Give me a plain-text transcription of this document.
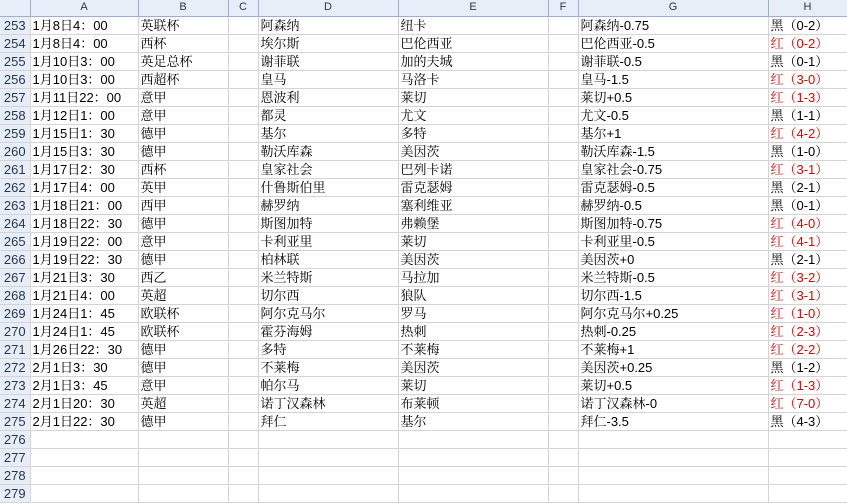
	A	B	C	D	E	F	G	H
253	1月8日4：00	英联杯		阿森纳	纽卡		阿森纳-0.75	黑（0-2）
254	1月8日4：00	西杯		埃尔斯	巴伦西亚		巴伦西亚-0.5	红（0-2）
255	1月10日3：00	英足总杯		谢菲联	加的夫城		谢菲联-0.5	黑（0-1）
256	1月10日3：00	西超杯		皇马	马洛卡		皇马-1.5	红（3-0）
257	1月11日22：00	意甲		恩波利	莱切		莱切+0.5	红（1-3）
258	1月12日1：00	意甲		都灵	尤文		尤文-0.5	黑（1-1）
259	1月15日1：30	德甲		基尔	多特		基尔+1	红（4-2）
260	1月15日3：30	德甲		勒沃库森	美因茨		勒沃库森-1.5	黑（1-0）
261	1月17日2：30	西杯		皇家社会	巴列卡诺		皇家社会-0.75	红（3-1）
262	1月17日4：00	英甲		什鲁斯伯里	雷克瑟姆		雷克瑟姆-0.5	黑（2-1）
263	1月18日21：00	西甲		赫罗纳	塞利维亚		赫罗纳-0.5	黑（0-1）
264	1月18日22：30	德甲		斯图加特	弗赖堡		斯图加特-0.75	红（4-0）
265	1月19日22：00	意甲		卡利亚里	莱切		卡利亚里-0.5	红（4-1）
266	1月19日22：30	德甲		柏林联	美因茨		美因茨+0	黑（2-1）
267	1月21日3：30	西乙		米兰特斯	马拉加		米兰特斯-0.5	红（3-2）
268	1月21日4：00	英超		切尔西	狼队		切尔西-1.5	红（3-1）
269	1月24日1：45	欧联杯		阿尔克马尔	罗马		阿尔克马尔+0.25	红（1-0）
270	1月24日1：45	欧联杯		霍芬海姆	热刺		热刺-0.25	红（2-3）
271	1月26日22：30	德甲		多特	不莱梅		不莱梅+1	红（2-2）
272	2月1日3：30	德甲		不莱梅	美因茨		美因茨+0.25	黑（1-2）
273	2月1日3：45	意甲		帕尔马	莱切		莱切+0.5	红（1-3）
274	2月1日20：30	英超		诺丁汉森林	布莱顿		诺丁汉森林-0	红（7-0）
275	2月1日22：30	德甲		拜仁	基尔		拜仁-3.5	黑（4-3）
276								
277								
278								
279								
